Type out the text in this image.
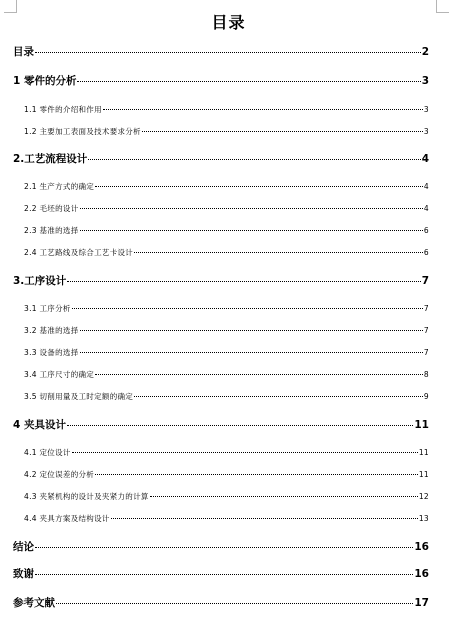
目录
目录	2
1 零件的分析	3
1.1 零件的介绍和作用	3
1.2 主要加工表面及技术要求分析	3
2.工艺流程设计	4
2.1 生产方式的确定	4
2.2 毛坯的设计	4
2.3 基准的选择	6
2.4 工艺路线及综合工艺卡设计	6
3.工序设计	7
3.1 工序分析	7
3.2 基准的选择	7
3.3 设备的选择	7
3.4 工序尺寸的确定	8
3.5 切削用量及工时定额的确定	9
4 夹具设计	11
4.1 定位设计	11
4.2 定位误差的分析	11
4.3 夹紧机构的设计及夹紧力的计算	12
4.4 夹具方案及结构设计	13
结论	16
致谢	16
参考文献	17
